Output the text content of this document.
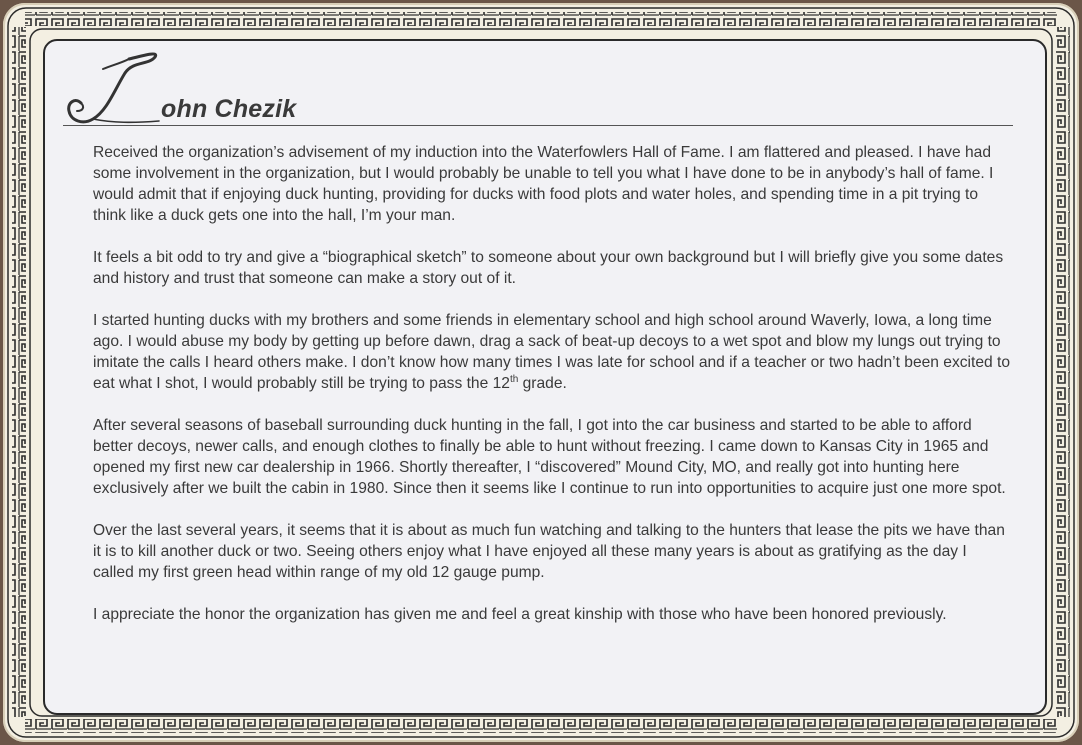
ohn Chezik

Received the organization’s advisement of my induction into the Waterfowlers Hall of Fame. I am flattered and pleased. I have had some involvement in the organization, but I would probably be unable to tell you what I have done to be in anybody’s hall of fame. I would admit that if enjoying duck hunting, providing for ducks with food plots and water holes, and spending time in a pit trying to think like a duck gets one into the hall, I’m your man.

It feels a bit odd to try and give a “biographical sketch” to someone about your own background but I will briefly give you some dates and history and trust that someone can make a story out of it.

I started hunting ducks with my brothers and some friends in elementary school and high school around Waverly, Iowa, a long time ago. I would abuse my body by getting up before dawn, drag a sack of beat-up decoys to a wet spot and blow my lungs out trying to imitate the calls I heard others make. I don’t know how many times I was late for school and if a teacher or two hadn’t been excited to eat what I shot, I would probably still be trying to pass the 12th grade.

After several seasons of baseball surrounding duck hunting in the fall, I got into the car business and started to be able to afford better decoys, newer calls, and enough clothes to finally be able to hunt without freezing. I came down to Kansas City in 1965 and opened my first new car dealership in 1966. Shortly thereafter, I “discovered” Mound City, MO, and really got into hunting here exclusively after we built the cabin in 1980. Since then it seems like I continue to run into opportunities to acquire just one more spot.

Over the last several years, it seems that it is about as much fun watching and talking to the hunters that lease the pits we have than it is to kill another duck or two. Seeing others enjoy what I have enjoyed all these many years is about as gratifying as the day I called my first green head within range of my old 12 gauge pump.

I appreciate the honor the organization has given me and feel a great kinship with those who have been honored previously.
